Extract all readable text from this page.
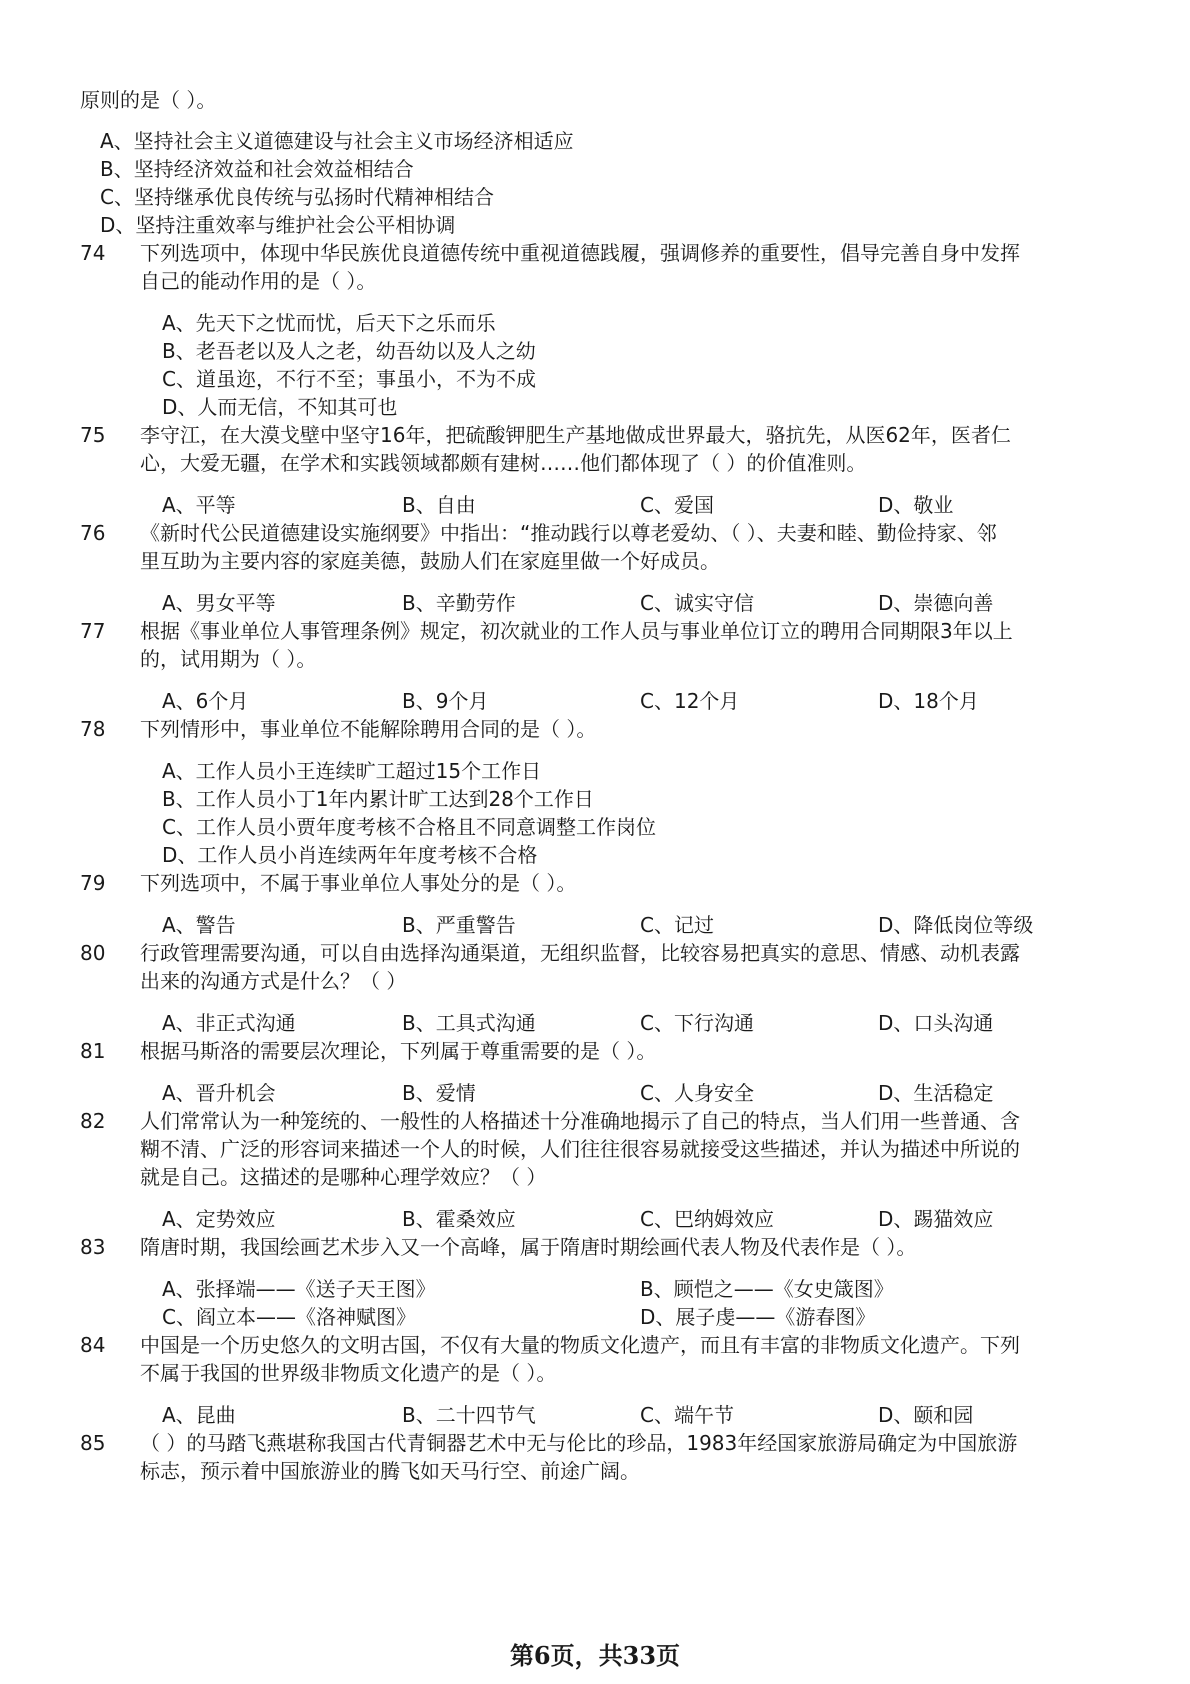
原则的是（ ）。
A、坚持社会主义道德建设与社会主义市场经济相适应
B、坚持经济效益和社会效益相结合
C、坚持继承优良传统与弘扬时代精神相结合
D、坚持注重效率与维护社会公平相协调
74 下列选项中，体现中华民族优良道德传统中重视道德践履，强调修养的重要性，倡导完善自身中发挥
自己的能动作用的是（ ）。
A、先天下之忧而忧，后天下之乐而乐
B、老吾老以及人之老，幼吾幼以及人之幼
C、道虽迩，不行不至；事虽小，不为不成
D、人而无信，不知其可也
75 李守江，在大漠戈壁中坚守16年，把硫酸钾肥生产基地做成世界最大，骆抗先，从医62年，医者仁
心，大爱无疆，在学术和实践领域都颇有建树……他们都体现了（ ）的价值准则。
A、平等	B、自由	C、爱国	D、敬业
76 《新时代公民道德建设实施纲要》中指出：“推动践行以尊老爱幼、（ ）、夫妻和睦、勤俭持家、邻
里互助为主要内容的家庭美德，鼓励人们在家庭里做一个好成员。
A、男女平等	B、辛勤劳作	C、诚实守信	D、崇德向善
77 根据《事业单位人事管理条例》规定，初次就业的工作人员与事业单位订立的聘用合同期限3年以上
的，试用期为（ ）。
A、6个月	B、9个月	C、12个月	D、18个月
78 下列情形中，事业单位不能解除聘用合同的是（ ）。
A、工作人员小王连续旷工超过15个工作日
B、工作人员小丁1年内累计旷工达到28个工作日
C、工作人员小贾年度考核不合格且不同意调整工作岗位
D、工作人员小肖连续两年年度考核不合格
79 下列选项中，不属于事业单位人事处分的是（ ）。
A、警告	B、严重警告	C、记过	D、降低岗位等级
80 行政管理需要沟通，可以自由选择沟通渠道，无组织监督，比较容易把真实的意思、情感、动机表露
出来的沟通方式是什么？（ ）
A、非正式沟通	B、工具式沟通	C、下行沟通	D、口头沟通
81 根据马斯洛的需要层次理论，下列属于尊重需要的是（ ）。
A、晋升机会	B、爱情	C、人身安全	D、生活稳定
82 人们常常认为一种笼统的、一般性的人格描述十分准确地揭示了自己的特点，当人们用一些普通、含
糊不清、广泛的形容词来描述一个人的时候，人们往往很容易就接受这些描述，并认为描述中所说的
就是自己。这描述的是哪种心理学效应？（ ）
A、定势效应	B、霍桑效应	C、巴纳姆效应	D、踢猫效应
83 隋唐时期，我国绘画艺术步入又一个高峰，属于隋唐时期绘画代表人物及代表作是（ ）。
A、张择端——《送子天王图》	B、顾恺之——《女史箴图》
C、阎立本——《洛神赋图》	D、展子虔——《游春图》
84 中国是一个历史悠久的文明古国，不仅有大量的物质文化遗产，而且有丰富的非物质文化遗产。下列
不属于我国的世界级非物质文化遗产的是（ ）。
A、昆曲	B、二十四节气	C、端午节	D、颐和园
85 （ ）的马踏飞燕堪称我国古代青铜器艺术中无与伦比的珍品，1983年经国家旅游局确定为中国旅游
标志，预示着中国旅游业的腾飞如天马行空、前途广阔。
第6页，共33页
